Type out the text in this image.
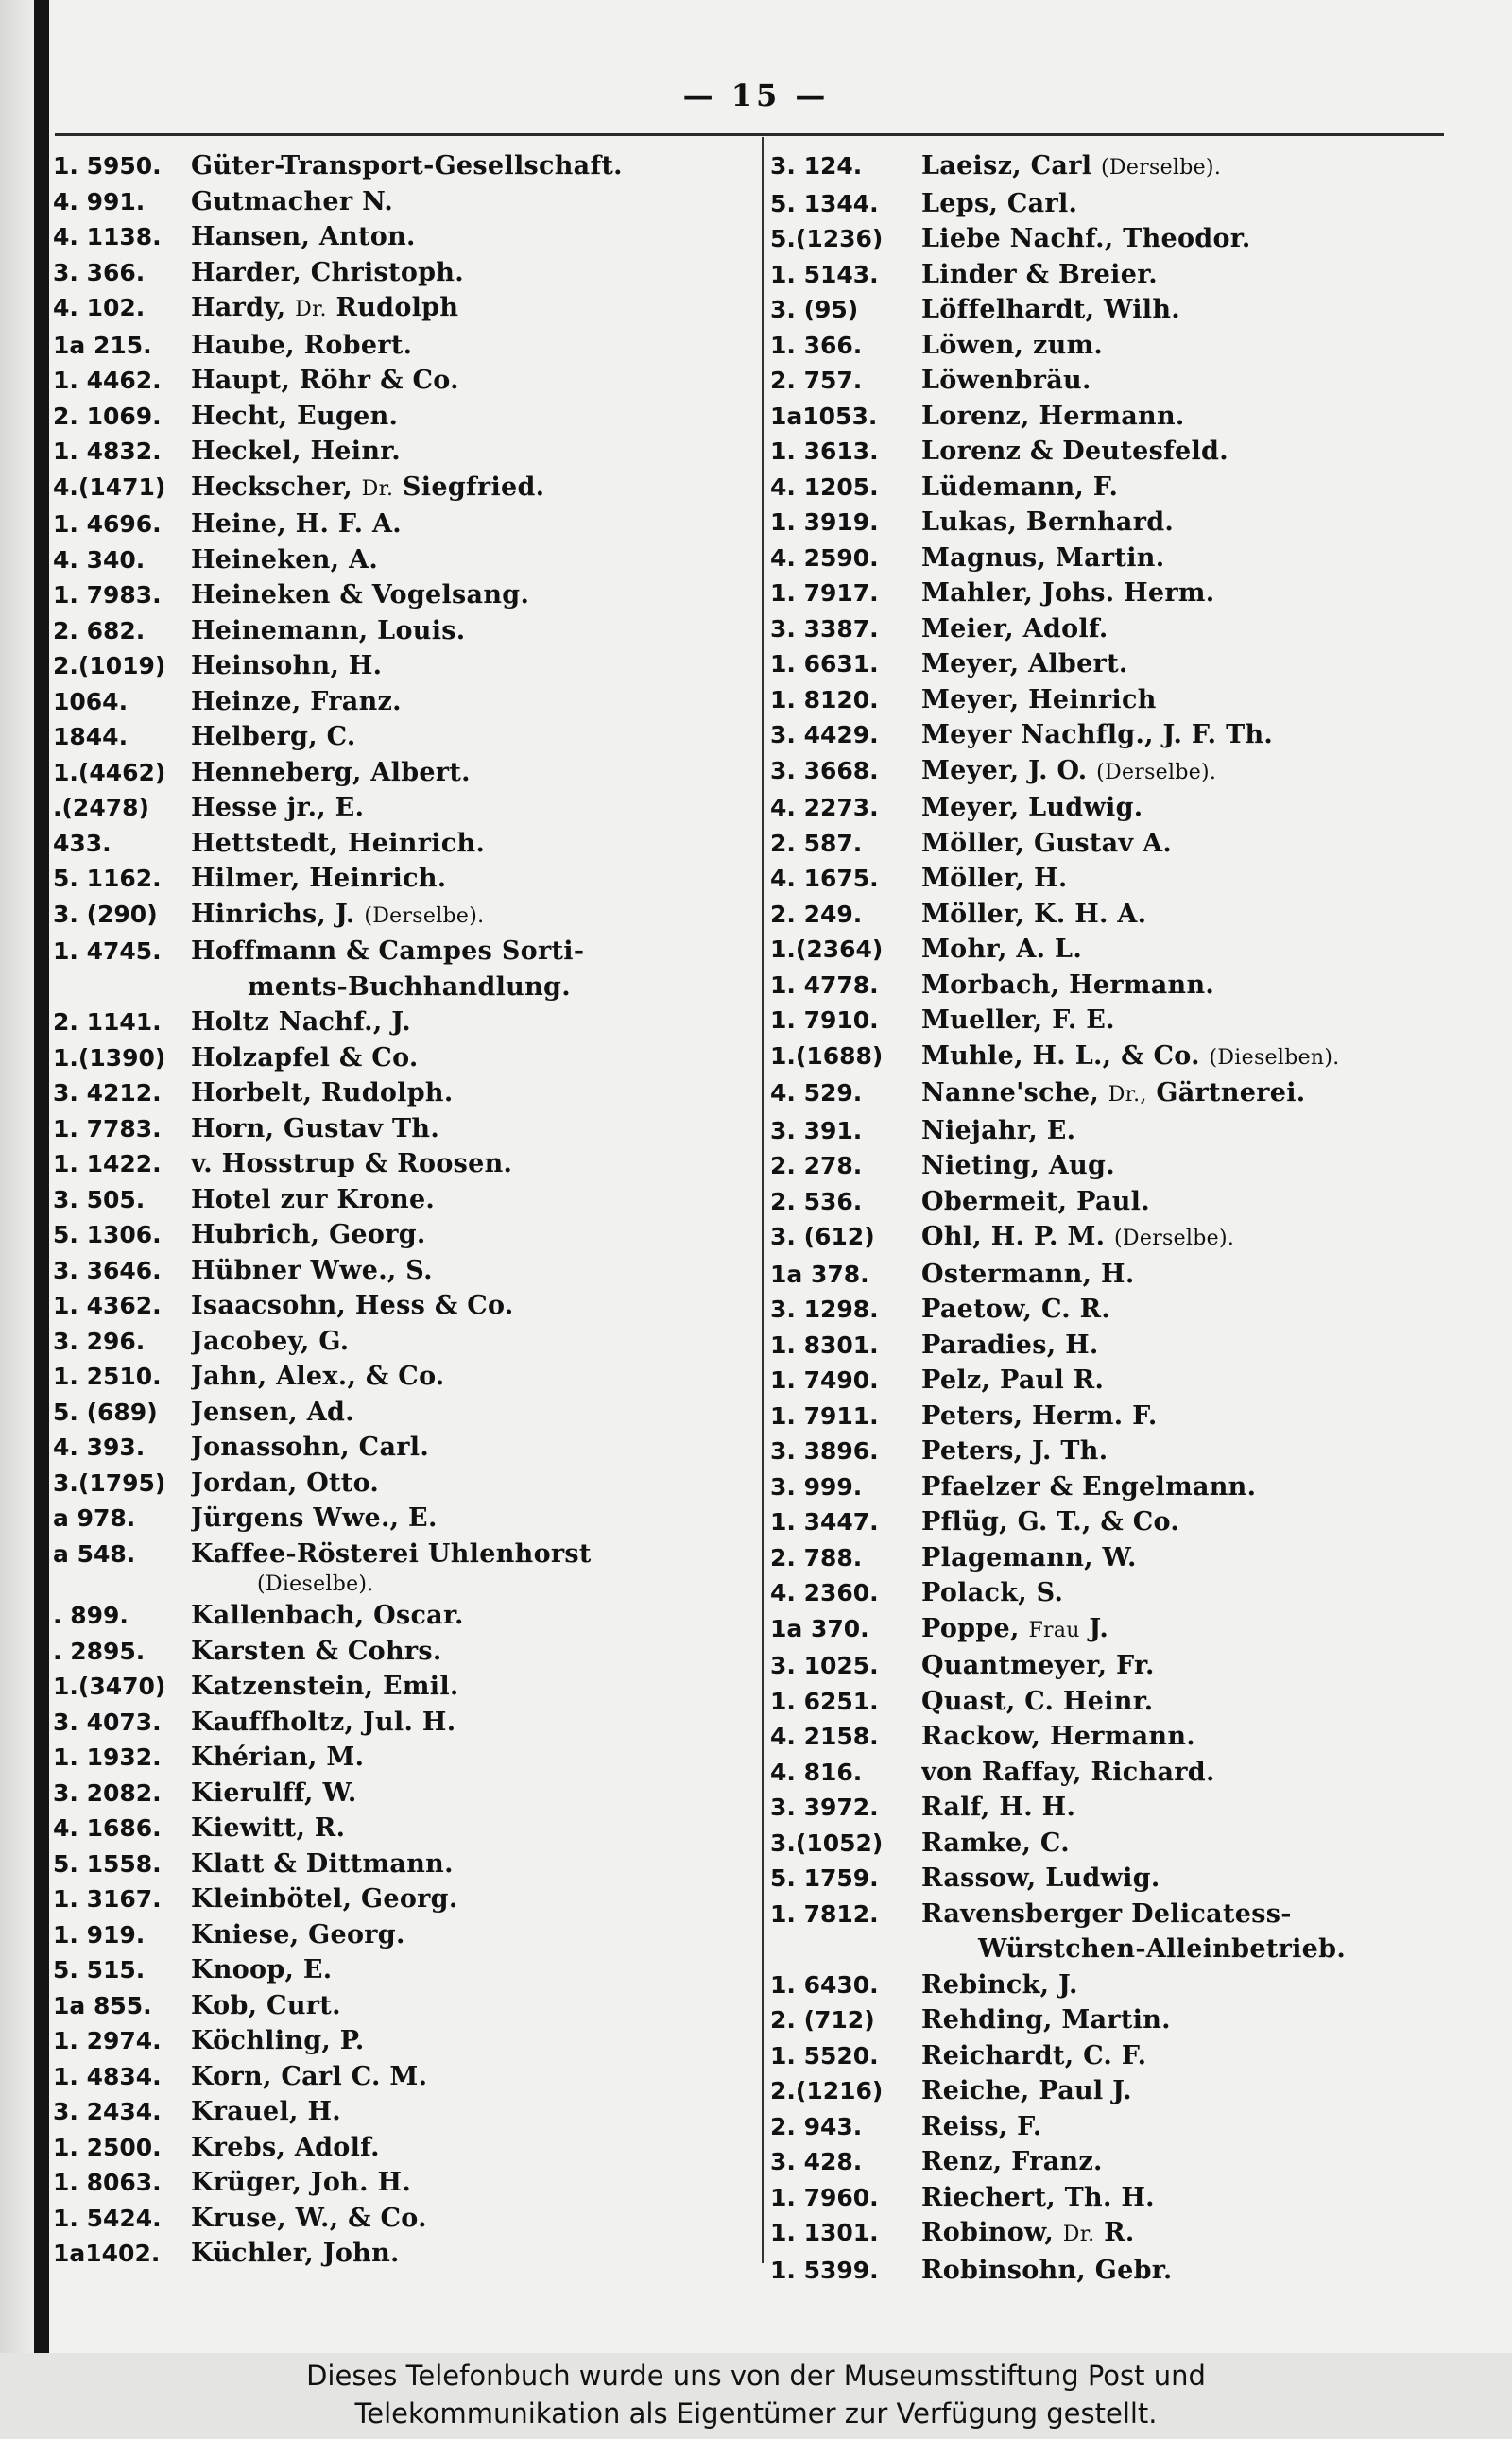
— 15 —
1. 5950.	Güter-Transport-Gesellschaft.
4. 991.	Gutmacher N.
4. 1138.	Hansen, Anton.
3. 366.	Harder, Christoph.
4. 102.	Hardy, Dr. Rudolph
1a 215.	Haube, Robert.
1. 4462.	Haupt, Röhr & Co.
2. 1069.	Hecht, Eugen.
1. 4832.	Heckel, Heinr.
4.(1471) Heckscher, Dr. Siegfried.
1. 4696.	Heine, H. F. A.
4. 340.	Heineken, A.
1. 7983.	Heineken & Vogelsang.
2. 682.	Heinemann, Louis.
2.(1019) Heinsohn, H.
1064.	Heinze, Franz.
1844.	Helberg, C.
1.(4462) Henneberg, Albert.
.(2478)	Hesse jr., E.
433.	Hettstedt, Heinrich.
5. 1162.	Hilmer, Heinrich.
3. (290)	Hinrichs, J. (Derselbe).
1. 4745.	Hoffmann & Campes Sorti-
ments-Buchhandlung.
2. 1141.	Holtz Nachf., J.
1.(1390) Holzapfel & Co.
3. 4212.	Horbelt, Rudolph.
1. 7783.	Horn, Gustav Th.
1. 1422.	v. Hosstrup & Roosen.
3. 505.	Hotel zur Krone.
5. 1306.	Hubrich, Georg.
3. 3646.	Hübner Wwe., S.
1. 4362.	Isaacsohn, Hess & Co.
3. 296.	Jacobey, G.
1. 2510.	Jahn, Alex., & Co.
5. (689)	Jensen, Ad.
4. 393.	Jonassohn, Carl.
3.(1795) Jordan, Otto.
a 978.	Jürgens Wwe., E.
a 548.	Kaffee-Rösterei Uhlenhorst
(Dieselbe).
. 899.	Kallenbach, Oscar.
. 2895.	Karsten & Cohrs.
1.(3470) Katzenstein, Emil.
3. 4073.	Kauffholtz, Jul. H.
1. 1932.	Khérian, M.
3. 2082.	Kierulff, W.
4. 1686.	Kiewitt, R.
5. 1558.	Klatt & Dittmann.
1. 3167.	Kleinbötel, Georg.
1. 919.	Kniese, Georg.
5. 515.	Knoop, E.
1a 855.	Kob, Curt.
1. 2974.	Köchling, P.
1. 4834.	Korn, Carl C. M.
3. 2434.	Krauel, H.
1. 2500.	Krebs, Adolf.
1. 8063.	Krüger, Joh. H.
1. 5424.	Kruse, W., & Co.
1a1402.	Küchler, John.
3. 124.	Laeisz, Carl (Derselbe).
5. 1344.	Leps, Carl.
5.(1236)	Liebe Nachf., Theodor.
1. 5143.	Linder & Breier.
3. (95)	Löffelhardt, Wilh.
1. 366.	Löwen, zum.
2. 757.	Löwenbräu.
1a1053.	Lorenz, Hermann.
1. 3613.	Lorenz & Deutesfeld.
4. 1205.	Lüdemann, F.
1. 3919.	Lukas, Bernhard.
4. 2590.	Magnus, Martin.
1. 7917.	Mahler, Johs. Herm.
3. 3387.	Meier, Adolf.
1. 6631.	Meyer, Albert.
1. 8120.	Meyer, Heinrich
3. 4429.	Meyer Nachflg., J. F. Th.
3. 3668.	Meyer, J. O. (Derselbe).
4. 2273.	Meyer, Ludwig.
2. 587.	Möller, Gustav A.
4. 1675.	Möller, H.
2. 249.	Möller, K. H. A.
1.(2364)	Mohr, A. L.
1. 4778.	Morbach, Hermann.
1. 7910.	Mueller, F. E.
1.(1688)	Muhle, H. L., & Co. (Dieselben).
4. 529.	Nanne'sche, Dr., Gärtnerei.
3. 391.	Niejahr, E.
2. 278.	Nieting, Aug.
2. 536.	Obermeit, Paul.
3. (612)	Ohl, H. P. M. (Derselbe).
1a 378.	Ostermann, H.
3. 1298.	Paetow, C. R.
1. 8301.	Paradies, H.
1. 7490.	Pelz, Paul R.
1. 7911.	Peters, Herm. F.
3. 3896.	Peters, J. Th.
3. 999.	Pfaelzer & Engelmann.
1. 3447.	Pflüg, G. T., & Co.
2. 788.	Plagemann, W.
4. 2360.	Polack, S.
1a 370.	Poppe, Frau J.
3. 1025.	Quantmeyer, Fr.
1. 6251.	Quast, C. Heinr.
4. 2158.	Rackow, Hermann.
4. 816.	von Raffay, Richard.
3. 3972.	Ralf, H. H.
3.(1052)	Ramke, C.
5. 1759.	Rassow, Ludwig.
1. 7812.	Ravensberger Delicatess-
Würstchen-Alleinbetrieb.
1. 6430.	Rebinck, J.
2. (712)	Rehding, Martin.
1. 5520.	Reichardt, C. F.
2.(1216)	Reiche, Paul J.
2. 943.	Reiss, F.
3. 428.	Renz, Franz.
1. 7960.	Riechert, Th. H.
1. 1301.	Robinow, Dr. R.
1. 5399.	Robinsohn, Gebr.
Dieses Telefonbuch wurde uns von der Museumsstiftung Post und
Telekommunikation als Eigentümer zur Verfügung gestellt.
